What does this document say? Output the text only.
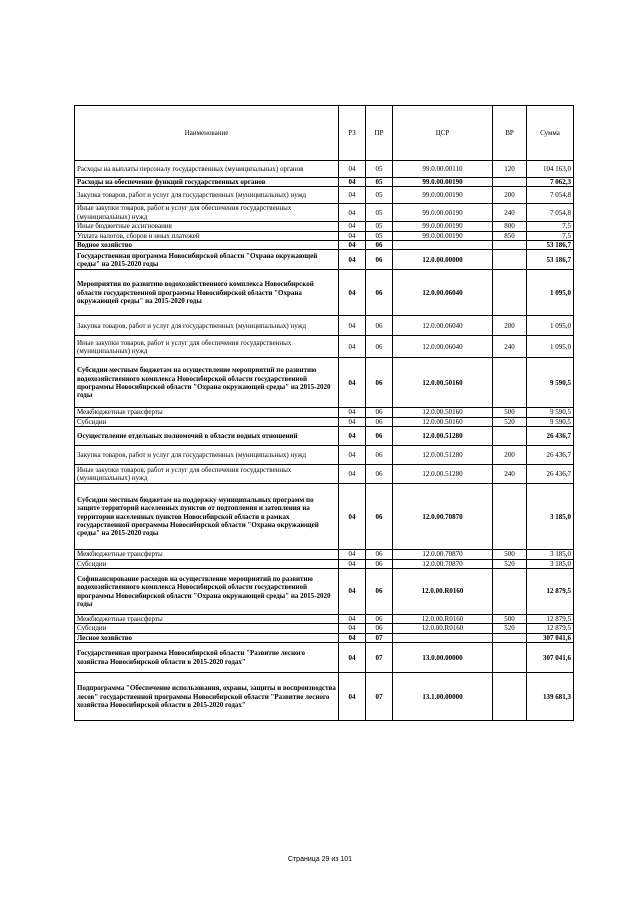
Наименование	РЗ	ПР	ЦСР	ВР	Сумма
Расходы на выплаты персоналу государственных (муниципальных) органов	04	05	99.0.00.00110	120	104 163,0
Расходы на обеспечение функций государственных органов	04	05	99.0.00.00190		7 062,3
Закупка товаров, работ и услуг для государственных (муниципальных) нужд	04	05	99.0.00.00190	200	7 054,8
Иные закупки товаров, работ и услуг для обеспечения государственных (муниципальных) нужд	04	05	99.0.00.00190	240	7 054,8
Иные бюджетные ассигнования	04	05	99.0.00.00190	800	7,5
Уплата налогов, сборов и иных платежей	04	05	99.0.00.00190	850	7,5
Водное хозяйство	04	06			53 186,7
Государственная программа Новосибирской области "Охрана окружающей среды" на 2015-2020 годы	04	06	12.0.00.00000		53 186,7
Мероприятия по развитию водохозяйственного комплекса Новосибирской области государственной программы Новосибирской области "Охрана окружающей среды" на 2015-2020 годы	04	06	12.0.00.06040		1 095,0
Закупка товаров, работ и услуг для государственных (муниципальных) нужд	04	06	12.0.00.06040	200	1 095,0
Иные закупки товаров, работ и услуг для обеспечения государственных (муниципальных) нужд	04	06	12.0.00.06040	240	1 095,0
Субсидии местным бюджетам на осуществление мероприятий по развитию водохозяйственного комплекса Новосибирской области государственной программы Новосибирской области "Охрана окружающей среды" на 2015-2020 годы	04	06	12.0.00.50160		9 590,5
Межбюджетные трансферты	04	06	12.0.00.50160	500	9 590,5
Субсидии	04	06	12.0.00.50160	520	9 590,5
Осуществление отдельных полномочий в области водных отношений	04	06	12.0.00.51280		26 436,7
Закупка товаров, работ и услуг для государственных (муниципальных) нужд	04	06	12.0.00.51280	200	26 436,7
Иные закупки товаров, работ и услуг для обеспечения государственных (муниципальных) нужд	04	06	12.0.00.51280	240	26 436,7
Субсидии местным бюджетам на поддержку муниципальных программ по защите территорий населенных пунктов от подтопления и затопления на территории населенных пунктов Новосибирской области в рамках государственной программы Новосибирской области "Охрана окружающей среды" на 2015-2020 годы	04	06	12.0.00.70870		3 185,0
Межбюджетные трансферты	04	06	12.0.00.70870	500	3 185,0
Субсидии	04	06	12.0.00.70870	520	3 185,0
Софинансирование расходов на осуществление мероприятий по развитию водохозяйственного комплекса Новосибирской области государственной программы Новосибирской области "Охрана окружающей среды" на 2015-2020 годы	04	06	12.0.00.R0160		12 879,5
Межбюджетные трансферты	04	06	12.0.00.R0160	500	12 879,5
Субсидии	04	06	12.0.00.R0160	520	12 879,5
Лесное хозяйство	04	07			307 041,6
Государственная программа Новосибирской области "Развитие лесного хозяйства Новосибирской области в 2015-2020 годах"	04	07	13.0.00.00000		307 041,6
Подпрограмма "Обеспечение использования, охраны, защиты и воспроизводства лесов" государственной программы Новосибирской области "Развитие лесного хозяйства Новосибирской области в 2015-2020 годах"	04	07	13.1.00.00000		139 681,3
Страница 29 из 101
